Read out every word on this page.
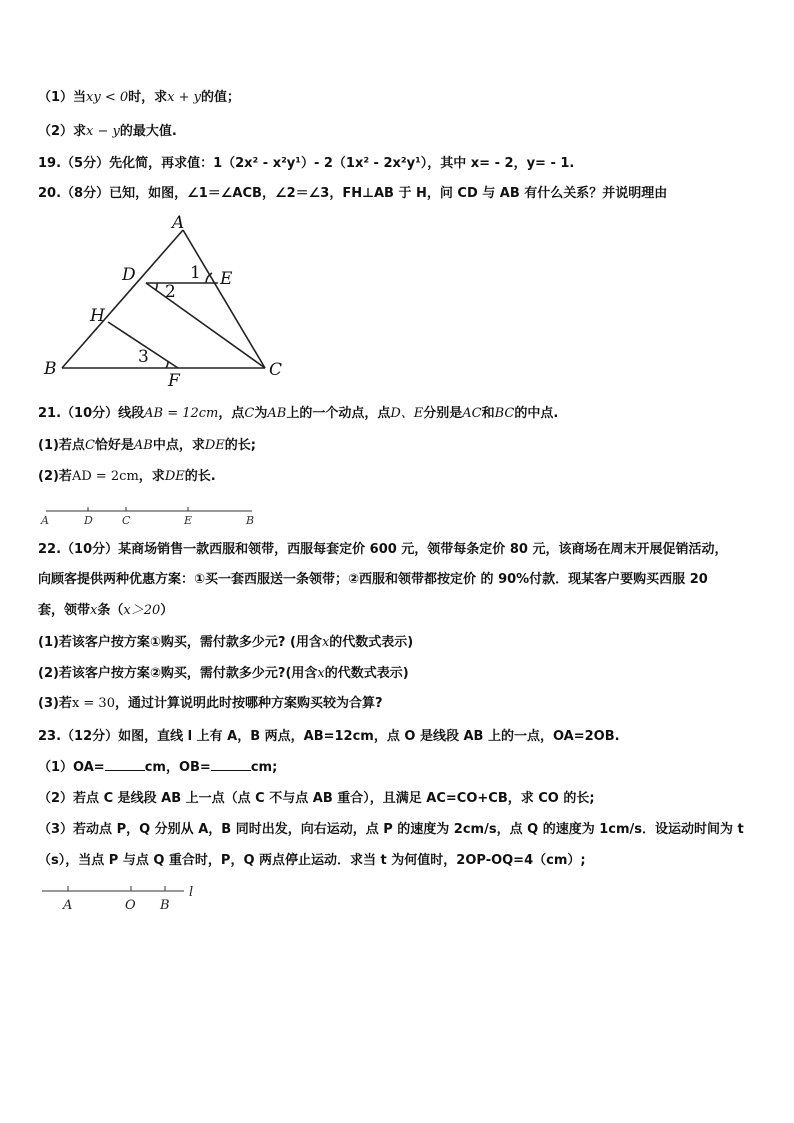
（1）当xy < 0时，求x + y的值；
（2）求x − y的最大值.
19.（5分）先化简，再求值：1（2x² - x²y¹）- 2（1x² - 2x²y¹），其中 x= - 2，y= - 1.
20.（8分）已知，如图，∠1＝∠ACB，∠2＝∠3，FH⊥AB 于 H，问 CD 与 AB 有什么关系？并说明理由
A
D	E
H
B	C
F
1
2
3
21.（10分）线段AB = 12cm，点C为AB上的一个动点，点D、E分别是AC和BC的中点.
(1)若点C恰好是AB中点，求DE的长;
(2)若AD = 2cm，求DE的长.
A	D	C	E	B
22.（10分）某商场销售一款西服和领带，西服每套定价 600 元，领带每条定价 80 元，该商场在周末开展促销活动，
向顾客提供两种优惠方案：①买一套西服送一条领带；②西服和领带都按定价 的 90%付款．现某客户要购买西服 20
套，领带x条（x＞20）
(1)若该客户按方案①购买，需付款多少元? (用含x的代数式表示)
(2)若该客户按方案②购买，需付款多少元?(用含x的代数式表示)
(3)若x = 30，通过计算说明此时按哪种方案购买较为合算?
23.（12分）如图，直线 l 上有 A，B 两点，AB=12cm，点 O 是线段 AB 上的一点，OA=2OB.
（1）OA=	cm，OB=	cm;
（2）若点 C 是线段 AB 上一点（点 C 不与点 AB 重合），且满足 AC=CO+CB，求 CO 的长;
（3）若动点 P，Q 分别从 A，B 同时出发，向右运动，点 P 的速度为 2cm/s，点 Q 的速度为 1cm/s．设运动时间为 t
（s），当点 P 与点 Q 重合时，P，Q 两点停止运动．求当 t 为何值时，2OP-OQ=4（cm）;
A	O B
l
